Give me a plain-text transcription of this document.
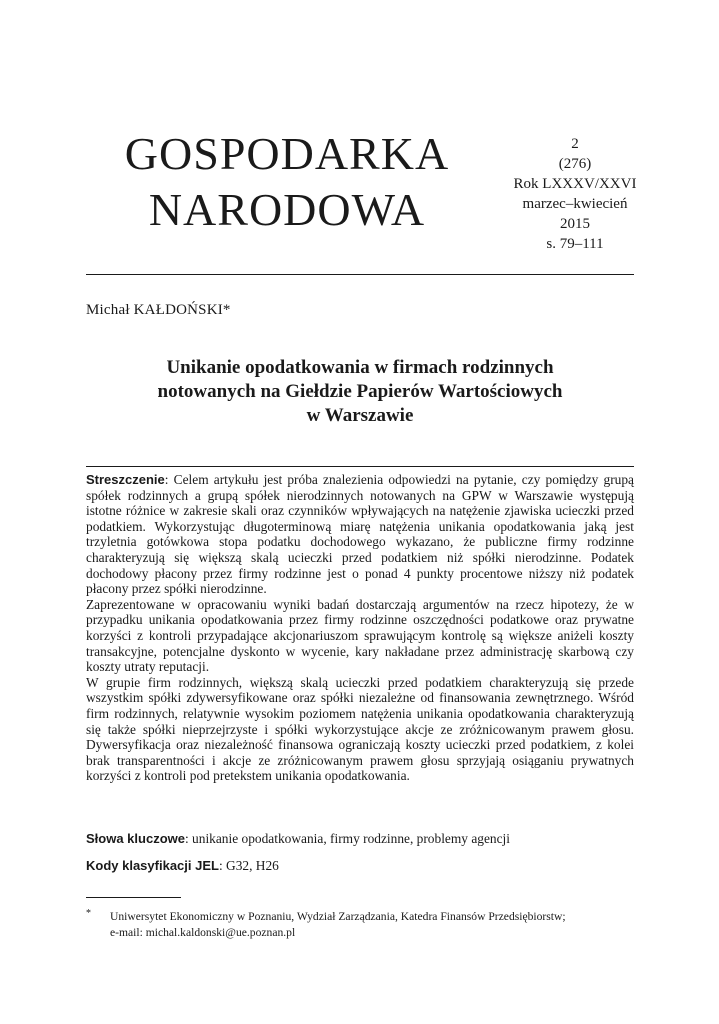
GOSPODARKA
NARODOWA
2
(276)
Rok LXXXV/XXVI
marzec–kwiecień
2015
s. 79–111
Michał KAŁDOŃSKI*
Unikanie opodatkowania w firmach rodzinnych
notowanych na Giełdzie Papierów Wartościowych
w Warszawie

Streszczenie: Celem artykułu jest próba znalezienia odpowiedzi na pytanie, czy pomiędzy grupą spółek rodzinnych a grupą spółek nierodzinnych notowanych na GPW w Warszawie występują istotne różnice w zakresie skali oraz czynników wpływających na natężenie zjawiska ucieczki przed podatkiem. Wykorzystując długoterminową miarę natężenia unikania opodatkowania jaką jest trzyletnia gotówkowa stopa podatku dochodowego wykazano, że publiczne firmy rodzinne charakteryzują się większą skalą ucieczki przed podatkiem niż spółki nierodzinne. Podatek dochodowy płacony przez firmy rodzinne jest o ponad 4 punkty procentowe niższy niż podatek płacony przez spółki nierodzinne.

Zaprezentowane w opracowaniu wyniki badań dostarczają argumentów na rzecz hipotezy, że w przypadku unikania opodatkowania przez firmy rodzinne oszczędności podatkowe oraz prywatne korzyści z kontroli przypadające akcjonariuszom sprawującym kontrolę są większe aniżeli koszty transakcyjne, potencjalne dyskonto w wycenie, kary nakładane przez administrację skarbową czy koszty utraty reputacji.

W grupie firm rodzinnych, większą skalą ucieczki przed podatkiem charakteryzują się przede wszystkim spółki zdywersyfikowane oraz spółki niezależne od finansowania zewnętrznego. Wśród firm rodzinnych, relatywnie wysokim poziomem natężenia unikania opodatkowania charakteryzują się także spółki nieprzejrzyste i spółki wykorzystujące akcje ze zróżnicowanym prawem głosu. Dywersyfikacja oraz niezależność finansowa ograniczają koszty ucieczki przed podatkiem, z kolei brak transparentności i akcje ze zróżnicowanym prawem głosu sprzyjają osiąganiu prywatnych korzyści z kontroli pod pretekstem unikania opodatkowania.

Słowa kluczowe: unikanie opodatkowania, firmy rodzinne, problemy agencji
Kody klasyfikacji JEL: G32, H26
* Uniwersytet Ekonomiczny w Poznaniu, Wydział Zarządzania, Katedra Finansów Przedsiębiorstw;
e-mail: michal.kaldonski@ue.poznan.pl
